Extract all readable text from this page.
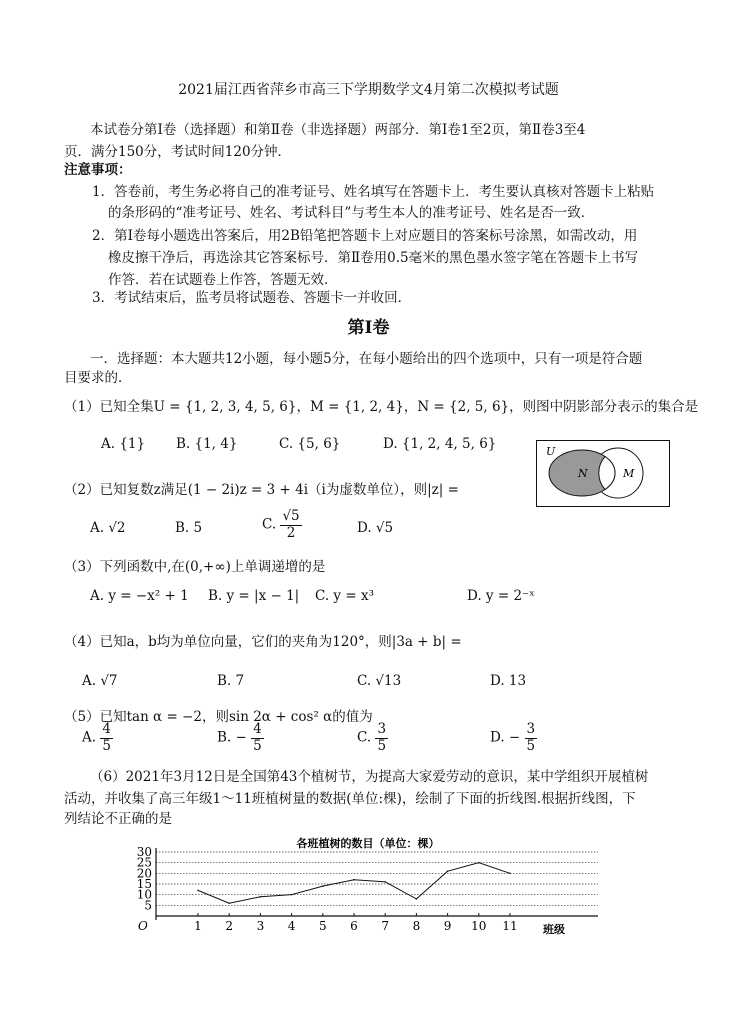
2021届江西省萍乡市高三下学期数学文4月第二次模拟考试题
本试卷分第Ⅰ卷（选择题）和第Ⅱ卷（非选择题）两部分．第Ⅰ卷1至2页，第Ⅱ卷3至4
页．满分150分，考试时间120分钟．
注意事项：
1．答卷前，考生务必将自己的准考证号、姓名填写在答题卡上．考生要认真核对答题卡上粘贴
的条形码的“准考证号、姓名、考试科目”与考生本人的准考证号、姓名是否一致．
2．第Ⅰ卷每小题选出答案后，用2B铅笔把答题卡上对应题目的答案标号涂黑，如需改动，用
橡皮擦干净后，再选涂其它答案标号．第Ⅱ卷用0.5毫米的黑色墨水签字笔在答题卡上书写
作答．若在试题卷上作答，答题无效．
3．考试结束后，监考员将试题卷、答题卡一并收回．
第Ⅰ卷
一．选择题：本大题共12小题，每小题5分，在每小题给出的四个选项中，只有一项是符合题
目要求的．
（1）已知全集U = {1, 2, 3, 4, 5, 6}，M = {1, 2, 4}，N = {2, 5, 6}，则图中阴影部分表示的集合是
A. {1} B. {1, 4}	C. {5, 6}	D. {1, 2, 4, 5, 6}	U
N	M
（2）已知复数z满足(1 − 2i)z = 3 + 4i（i为虚数单位），则|z| =
A. √2	B. 5	C. $\frac{√5}{2}$	D. √5
（3）下列函数中,在(0,+∞)上单调递增的是
A. y = −x² + 1 B. y = |x − 1| C. y = x³	D. y = 2⁻ˣ
（4）已知a，b均为单位向量，它们的夹角为120°，则|3a + b| =
A. √7	B. 7	C. √13	D. 13
（5）已知tan α = −2，则sin 2α + cos² α的值为
A. $\frac{4}{5}$	B. − $\frac{4}{5}$	C. $\frac{3}{5}$	D. − $\frac{3}{5}$
（6）2021年3月12日是全国第43个植树节，为提高大家爱劳动的意识，某中学组织开展植树
活动，并收集了高三年级1～11班植树量的数据(单位:棵)，绘制了下面的折线图.根据折线图，下
列结论不正确的是
各班植树的数目（单位：棵）
5
10
15
20
25
30
1 2 3 4 5 6 7 8 9 10 11
O	班级
